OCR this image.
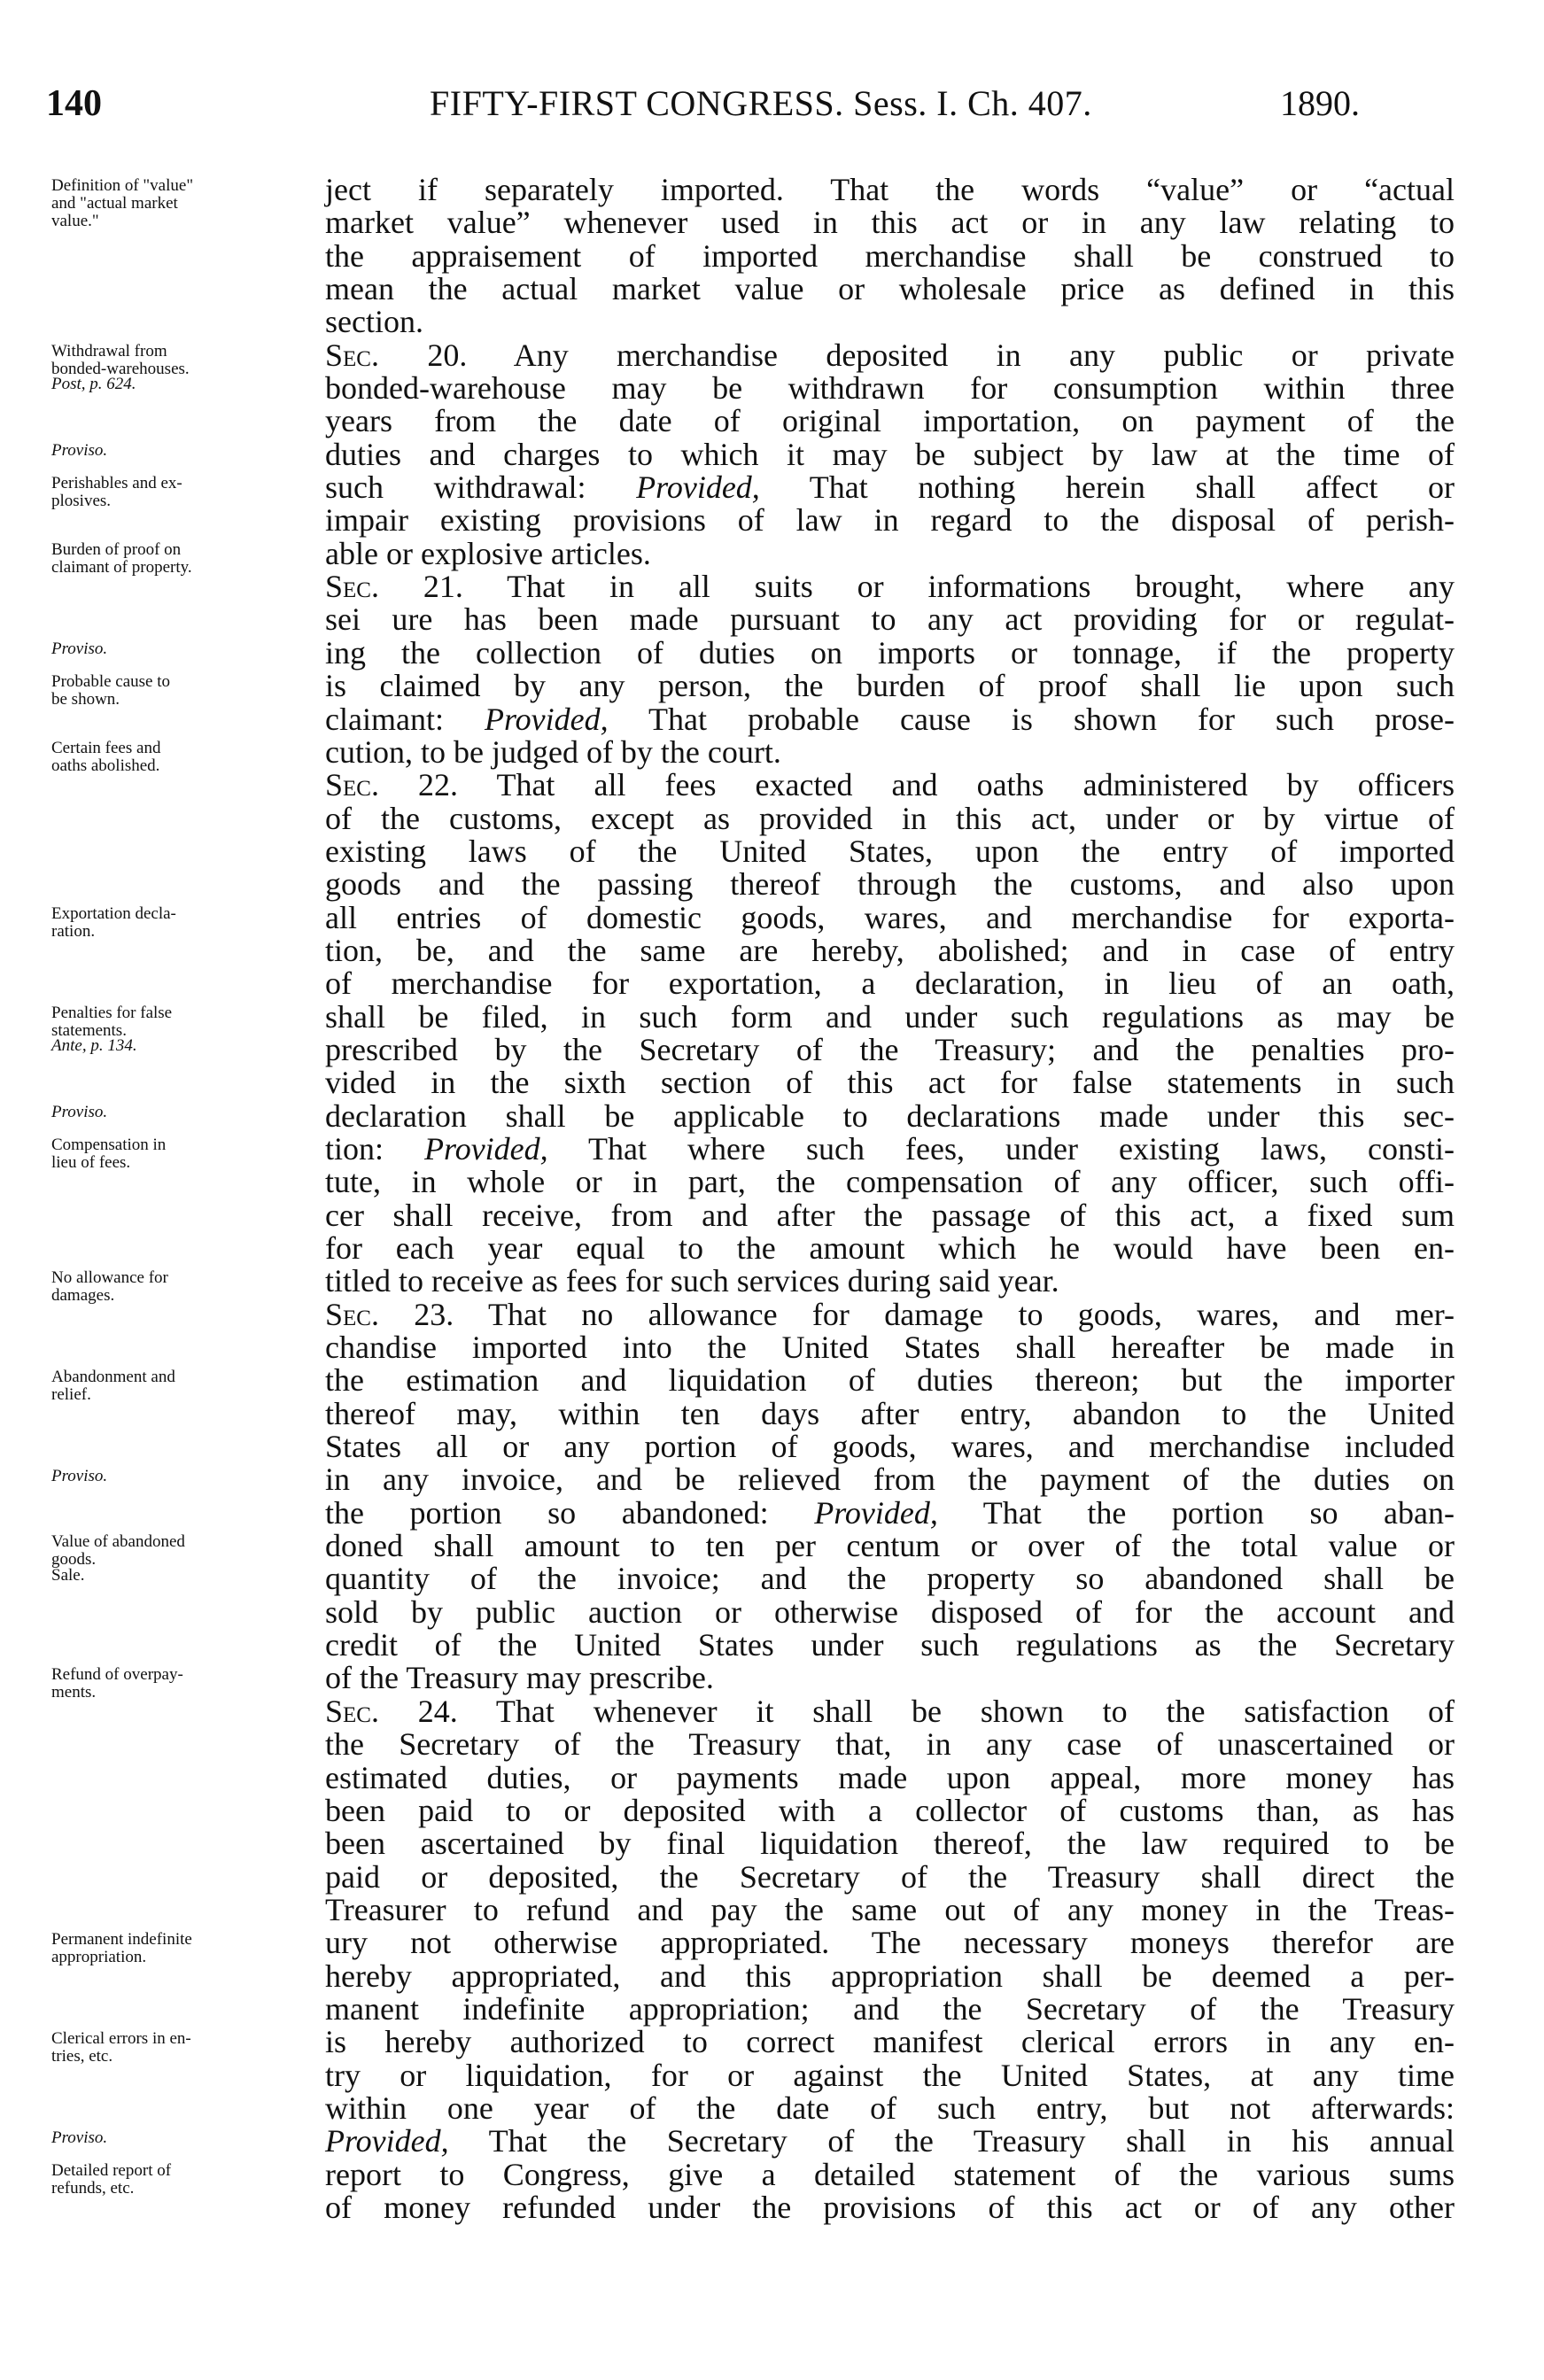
140	FIFTY-FIRST CONGRESS. Sess. I. Ch. 407.	1890.
Definition of "value"
and "actual market
value."
Withdrawal from
bonded-warehouses.
Post, p. 624.
Proviso.
Perishables and ex-
plosives.
Burden of proof on
claimant of property.
Proviso.
Probable cause to
be shown.
Certain fees and
oaths abolished.
Exportation decla-
ration.
Penalties for false
statements.
Ante, p. 134.
Proviso.
Compensation in
lieu of fees.
No allowance for
damages.
Abandonment and
relief.
Proviso.
Value of abandoned
goods.
Sale.
Refund of overpay-
ments.
Permanent indefinite
appropriation.
Clerical errors in en-
tries, etc.
Proviso.
Detailed report of
refunds, etc.
ject if separately imported. That the words “value” or “actual
market value” whenever used in this act or in any law relating to
the appraisement of imported merchandise shall be construed to
mean the actual market value or wholesale price as defined in this
section.
Sec. 20. Any merchandise deposited in any public or private
bonded-warehouse may be withdrawn for consumption within three
years from the date of original importation, on payment of the
duties and charges to which it may be subject by law at the time of
such withdrawal: Provided, That nothing herein shall affect or
impair existing provisions of law in regard to the disposal of perish-
able or explosive articles.
Sec. 21. That in all suits or informations brought, where any
sei ure has been made pursuant to any act providing for or regulat-
ing the collection of duties on imports or tonnage, if the property
is claimed by any person, the burden of proof shall lie upon such
claimant: Provided, That probable cause is shown for such prose-
cution, to be judged of by the court.
Sec. 22. That all fees exacted and oaths administered by officers
of the customs, except as provided in this act, under or by virtue of
existing laws of the United States, upon the entry of imported
goods and the passing thereof through the customs, and also upon
all entries of domestic goods, wares, and merchandise for exporta-
tion, be, and the same are hereby, abolished; and in case of entry
of merchandise for exportation, a declaration, in lieu of an oath,
shall be filed, in such form and under such regulations as may be
prescribed by the Secretary of the Treasury; and the penalties pro-
vided in the sixth section of this act for false statements in such
declaration shall be applicable to declarations made under this sec-
tion: Provided, That where such fees, under existing laws, consti-
tute, in whole or in part, the compensation of any officer, such offi-
cer shall receive, from and after the passage of this act, a fixed sum
for each year equal to the amount which he would have been en-
titled to receive as fees for such services during said year.
Sec. 23. That no allowance for damage to goods, wares, and mer-
chandise imported into the United States shall hereafter be made in
the estimation and liquidation of duties thereon; but the importer
thereof may, within ten days after entry, abandon to the United
States all or any portion of goods, wares, and merchandise included
in any invoice, and be relieved from the payment of the duties on
the portion so abandoned: Provided, That the portion so aban-
doned shall amount to ten per centum or over of the total value or
quantity of the invoice; and the property so abandoned shall be
sold by public auction or otherwise disposed of for the account and
credit of the United States under such regulations as the Secretary
of the Treasury may prescribe.
Sec. 24. That whenever it shall be shown to the satisfaction of
the Secretary of the Treasury that, in any case of unascertained or
estimated duties, or payments made upon appeal, more money has
been paid to or deposited with a collector of customs than, as has
been ascertained by final liquidation thereof, the law required to be
paid or deposited, the Secretary of the Treasury shall direct the
Treasurer to refund and pay the same out of any money in the Treas-
ury not otherwise appropriated. The necessary moneys therefor are
hereby appropriated, and this appropriation shall be deemed a per-
manent indefinite appropriation; and the Secretary of the Treasury
is hereby authorized to correct manifest clerical errors in any en-
try or liquidation, for or against the United States, at any time
within one year of the date of such entry, but not afterwards:
Provided, That the Secretary of the Treasury shall in his annual
report to Congress, give a detailed statement of the various sums
of money refunded under the provisions of this act or of any other
